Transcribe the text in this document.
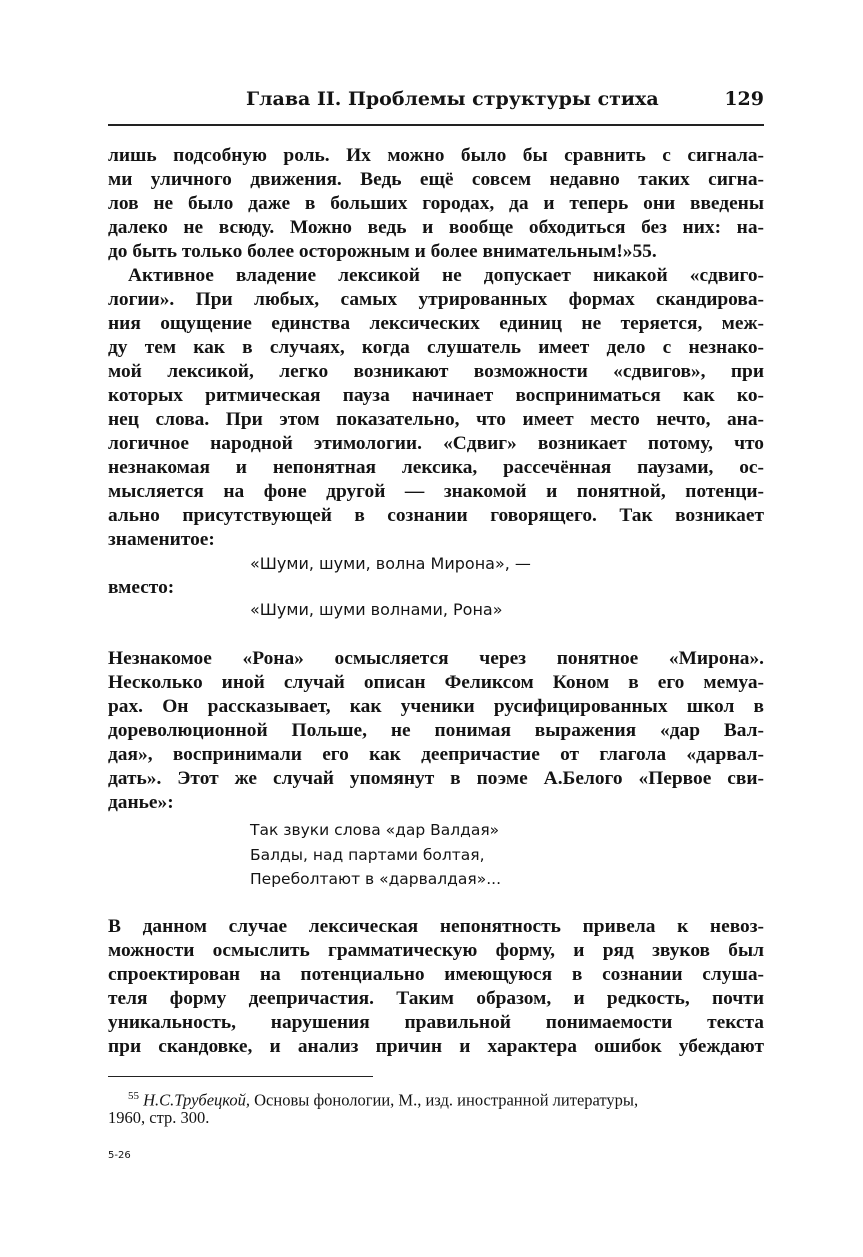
Глава II. Проблемы структуры стиха	129
лишь подсобную роль. Их можно было бы сравнить с сигнала-
ми уличного движения. Ведь ещё совсем недавно таких сигна-
лов не было даже в больших городах, да и теперь они введены
далеко не всюду. Можно ведь и вообще обходиться без них: на-
до быть только более осторожным и более внимательным!»55.
Активное владение лексикой не допускает никакой «сдвиго-
логии». При любых, самых утрированных формах скандирова-
ния ощущение единства лексических единиц не теряется, меж-
ду тем как в случаях, когда слушатель имеет дело с незнако-
мой лексикой, легко возникают возможности «сдвигов», при
которых ритмическая пауза начинает восприниматься как ко-
нец слова. При этом показательно, что имеет место нечто, ана-
логичное народной этимологии. «Сдвиг» возникает потому, что
незнакомая и непонятная лексика, рассечённая паузами, ос-
мысляется на фоне другой — знакомой и понятной, потенци-
ально присутствующей в сознании говорящего. Так возникает
знаменитое:
«Шуми, шуми, волна Мирона», —
вместо:
«Шуми, шуми волнами, Рона»
Незнакомое «Рона» осмысляется через понятное «Мирона».
Несколько иной случай описан Феликсом Коном в его мемуа-
рах. Он рассказывает, как ученики русифицированных школ в
дореволюционной Польше, не понимая выражения «дар Вал-
дая», воспринимали его как деепричастие от глагола «дарвал-
дать». Этот же случай упомянут в поэме А.Белого «Первое сви-
данье»:
Так звуки слова «дар Валдая»
Балды, над партами болтая,
Переболтают в «дарвалдая»...
В данном случае лексическая непонятность привела к невоз-
можности осмыслить грамматическую форму, и ряд звуков был
спроектирован на потенциально имеющуюся в сознании слуша-
теля форму деепричастия. Таким образом, и редкость, почти
уникальность, нарушения правильной понимаемости текста
при скандовке, и анализ причин и характера ошибок убеждают
$^{55}$ Н.С.Трубецкой, Основы фонологии, М., изд. иностранной литературы,
1960, стр. 300.
5-26
